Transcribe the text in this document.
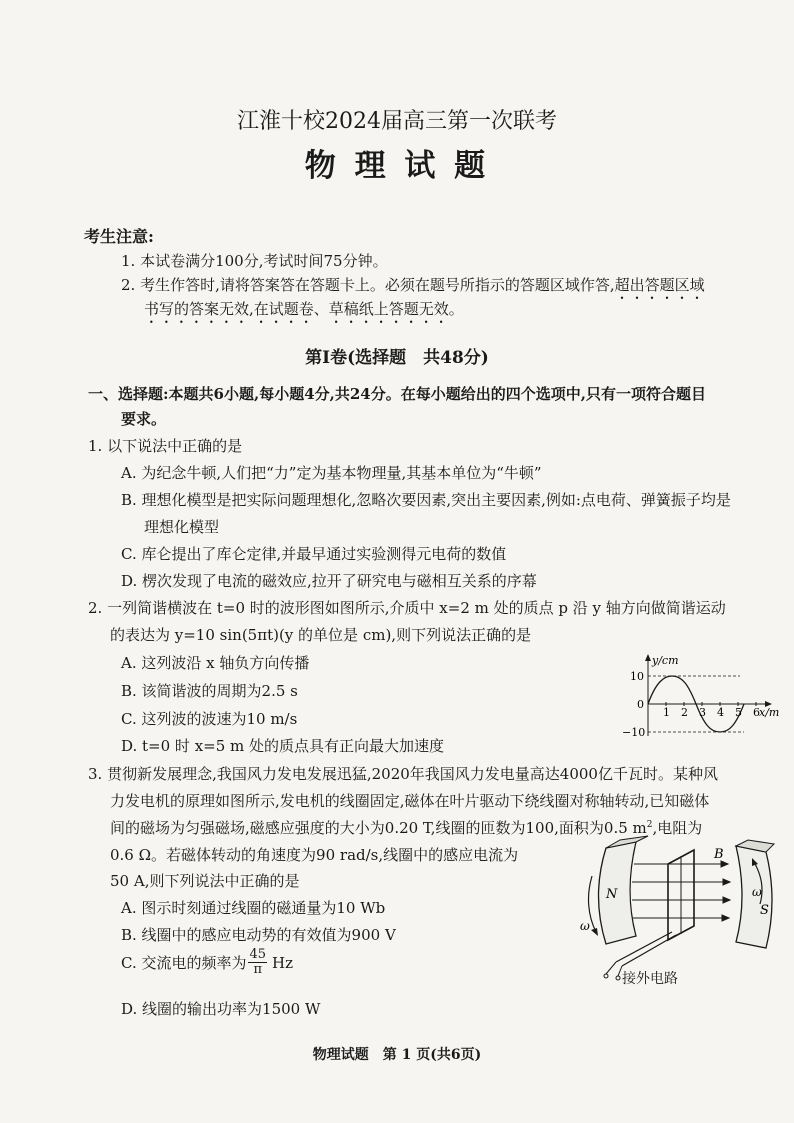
江淮十校2024届高三第一次联考
物 理 试 题
考生注意:
1. 本试卷满分100分,考试时间75分钟。
2. 考生作答时,请将答案答在答题卡上。必须在题号所指示的答题区域作答,超出答题区域
书写的答案无效,在试题卷、草稿纸上答题无效。
第Ⅰ卷(选择题　共48分)
一、选择题:本题共6小题,每小题4分,共24分。在每小题给出的四个选项中,只有一项符合题目
要求。
1. 以下说法中正确的是
A. 为纪念牛顿,人们把“力”定为基本物理量,其基本单位为“牛顿”
B. 理想化模型是把实际问题理想化,忽略次要因素,突出主要因素,例如:点电荷、弹簧振子均是
理想化模型
C. 库仑提出了库仑定律,并最早通过实验测得元电荷的数值
D. 楞次发现了电流的磁效应,拉开了研究电与磁相互关系的序幕
2. 一列简谐横波在 t=0 时的波形图如图所示,介质中 x=2 m 处的质点 p 沿 y 轴方向做简谐运动
的表达为 y=10 sin(5πt)(y 的单位是 cm),则下列说法正确的是
A. 这列波沿 x 轴负方向传播
B. 该简谐波的周期为2.5 s
C. 这列波的波速为10 m/s
D. t=0 时 x=5 m 处的质点具有正向最大加速度
y/cm
x/m
10
0
−10
1 2 3 4 5 6
3. 贯彻新发展理念,我国风力发电发展迅猛,2020年我国风力发电量高达4000亿千瓦时。某种风
力发电机的原理如图所示,发电机的线圈固定,磁体在叶片驱动下绕线圈对称轴转动,已知磁体
间的磁场为匀强磁场,磁感应强度的大小为0.20 T,线圈的匝数为100,面积为0.5 $m^2$,电阻为
0.6 Ω。若磁体转动的角速度为90 rad/s,线圈中的感应电流为
50 A,则下列说法中正确的是
A. 图示时刻通过线圈的磁通量为10 Wb
B. 线圈中的感应电动势的有效值为900 V
C. 交流电的频率为 $\frac{45}{\pi}$ Hz
D. 线圈的输出功率为1500 W
N
S
B
ω
ω
接外电路
物理试题　第 1 页(共6页)
